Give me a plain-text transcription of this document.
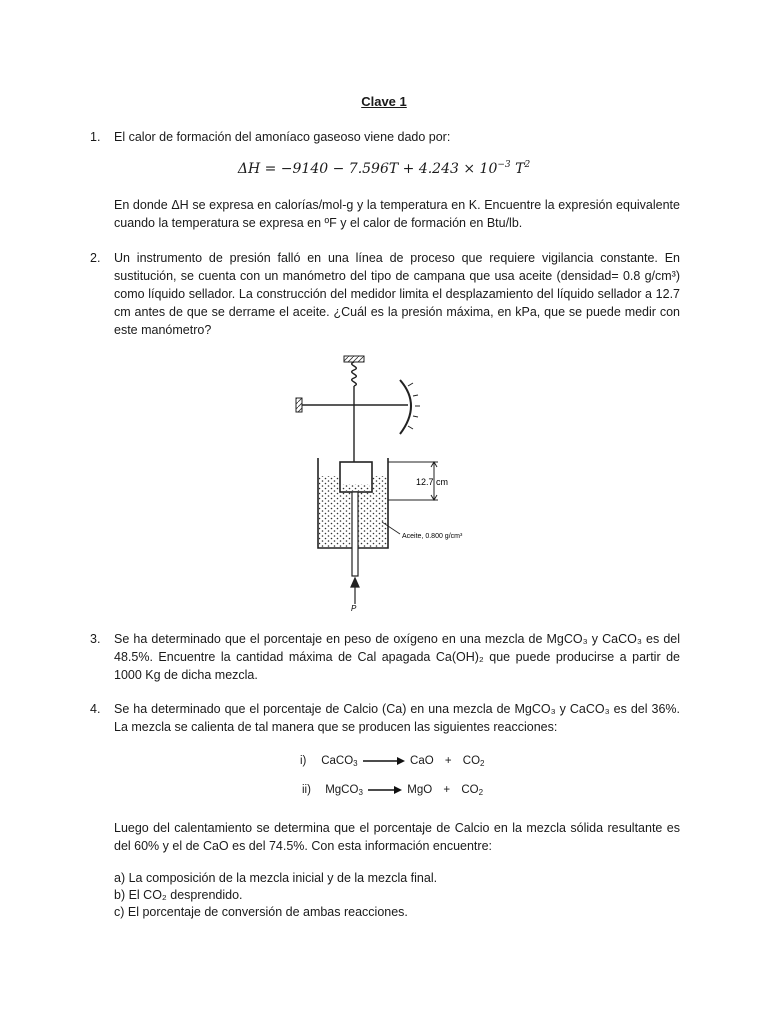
Clave 1
1.	El calor de formación del amoníaco gaseoso viene dado por:
$\Delta H = -9140 - 7.596T + 4.243 \times 10^{-3}$ $T^2$
En donde ΔH se expresa en calorías/mol-g y la temperatura en K. Encuentre la expresión equivalente cuando la temperatura se expresa en ºF y el calor de formación en Btu/lb.
2.	Un instrumento de presión falló en una línea de proceso que requiere vigilancia constante. En sustitución, se cuenta con un manómetro del tipo de campana que usa aceite (densidad= 0.8 g/cm³) como líquido sellador. La construcción del medidor limita el desplazamiento del líquido sellador a 12.7 cm antes de que se derrame el aceite. ¿Cuál es la presión máxima, en kPa, que se puede medir con este manómetro?
12.7 cm
Aceite, 0.800 g/cm³
P
3.	Se ha determinado que el porcentaje en peso de oxígeno en una mezcla de MgCO₃ y CaCO₃ es del 48.5%. Encuentre la cantidad máxima de Cal apagada Ca(OH)₂ que puede producirse a partir de 1000 Kg de dicha mezcla.
4.	Se ha determinado que el porcentaje de Calcio (Ca) en una mezcla de MgCO₃ y CaCO₃ es del 36%. La mezcla se calienta de tal manera que se producen las siguientes reacciones:
i) CaCO3 → CaO + CO2
ii) MgCO3 → MgO + CO2
Luego del calentamiento se determina que el porcentaje de Calcio en la mezcla sólida resultante es del 60% y el de CaO es del 74.5%. Con esta información encuentre:
a) La composición de la mezcla inicial y de la mezcla final.
b) El CO₂ desprendido.
c) El porcentaje de conversión de ambas reacciones.
